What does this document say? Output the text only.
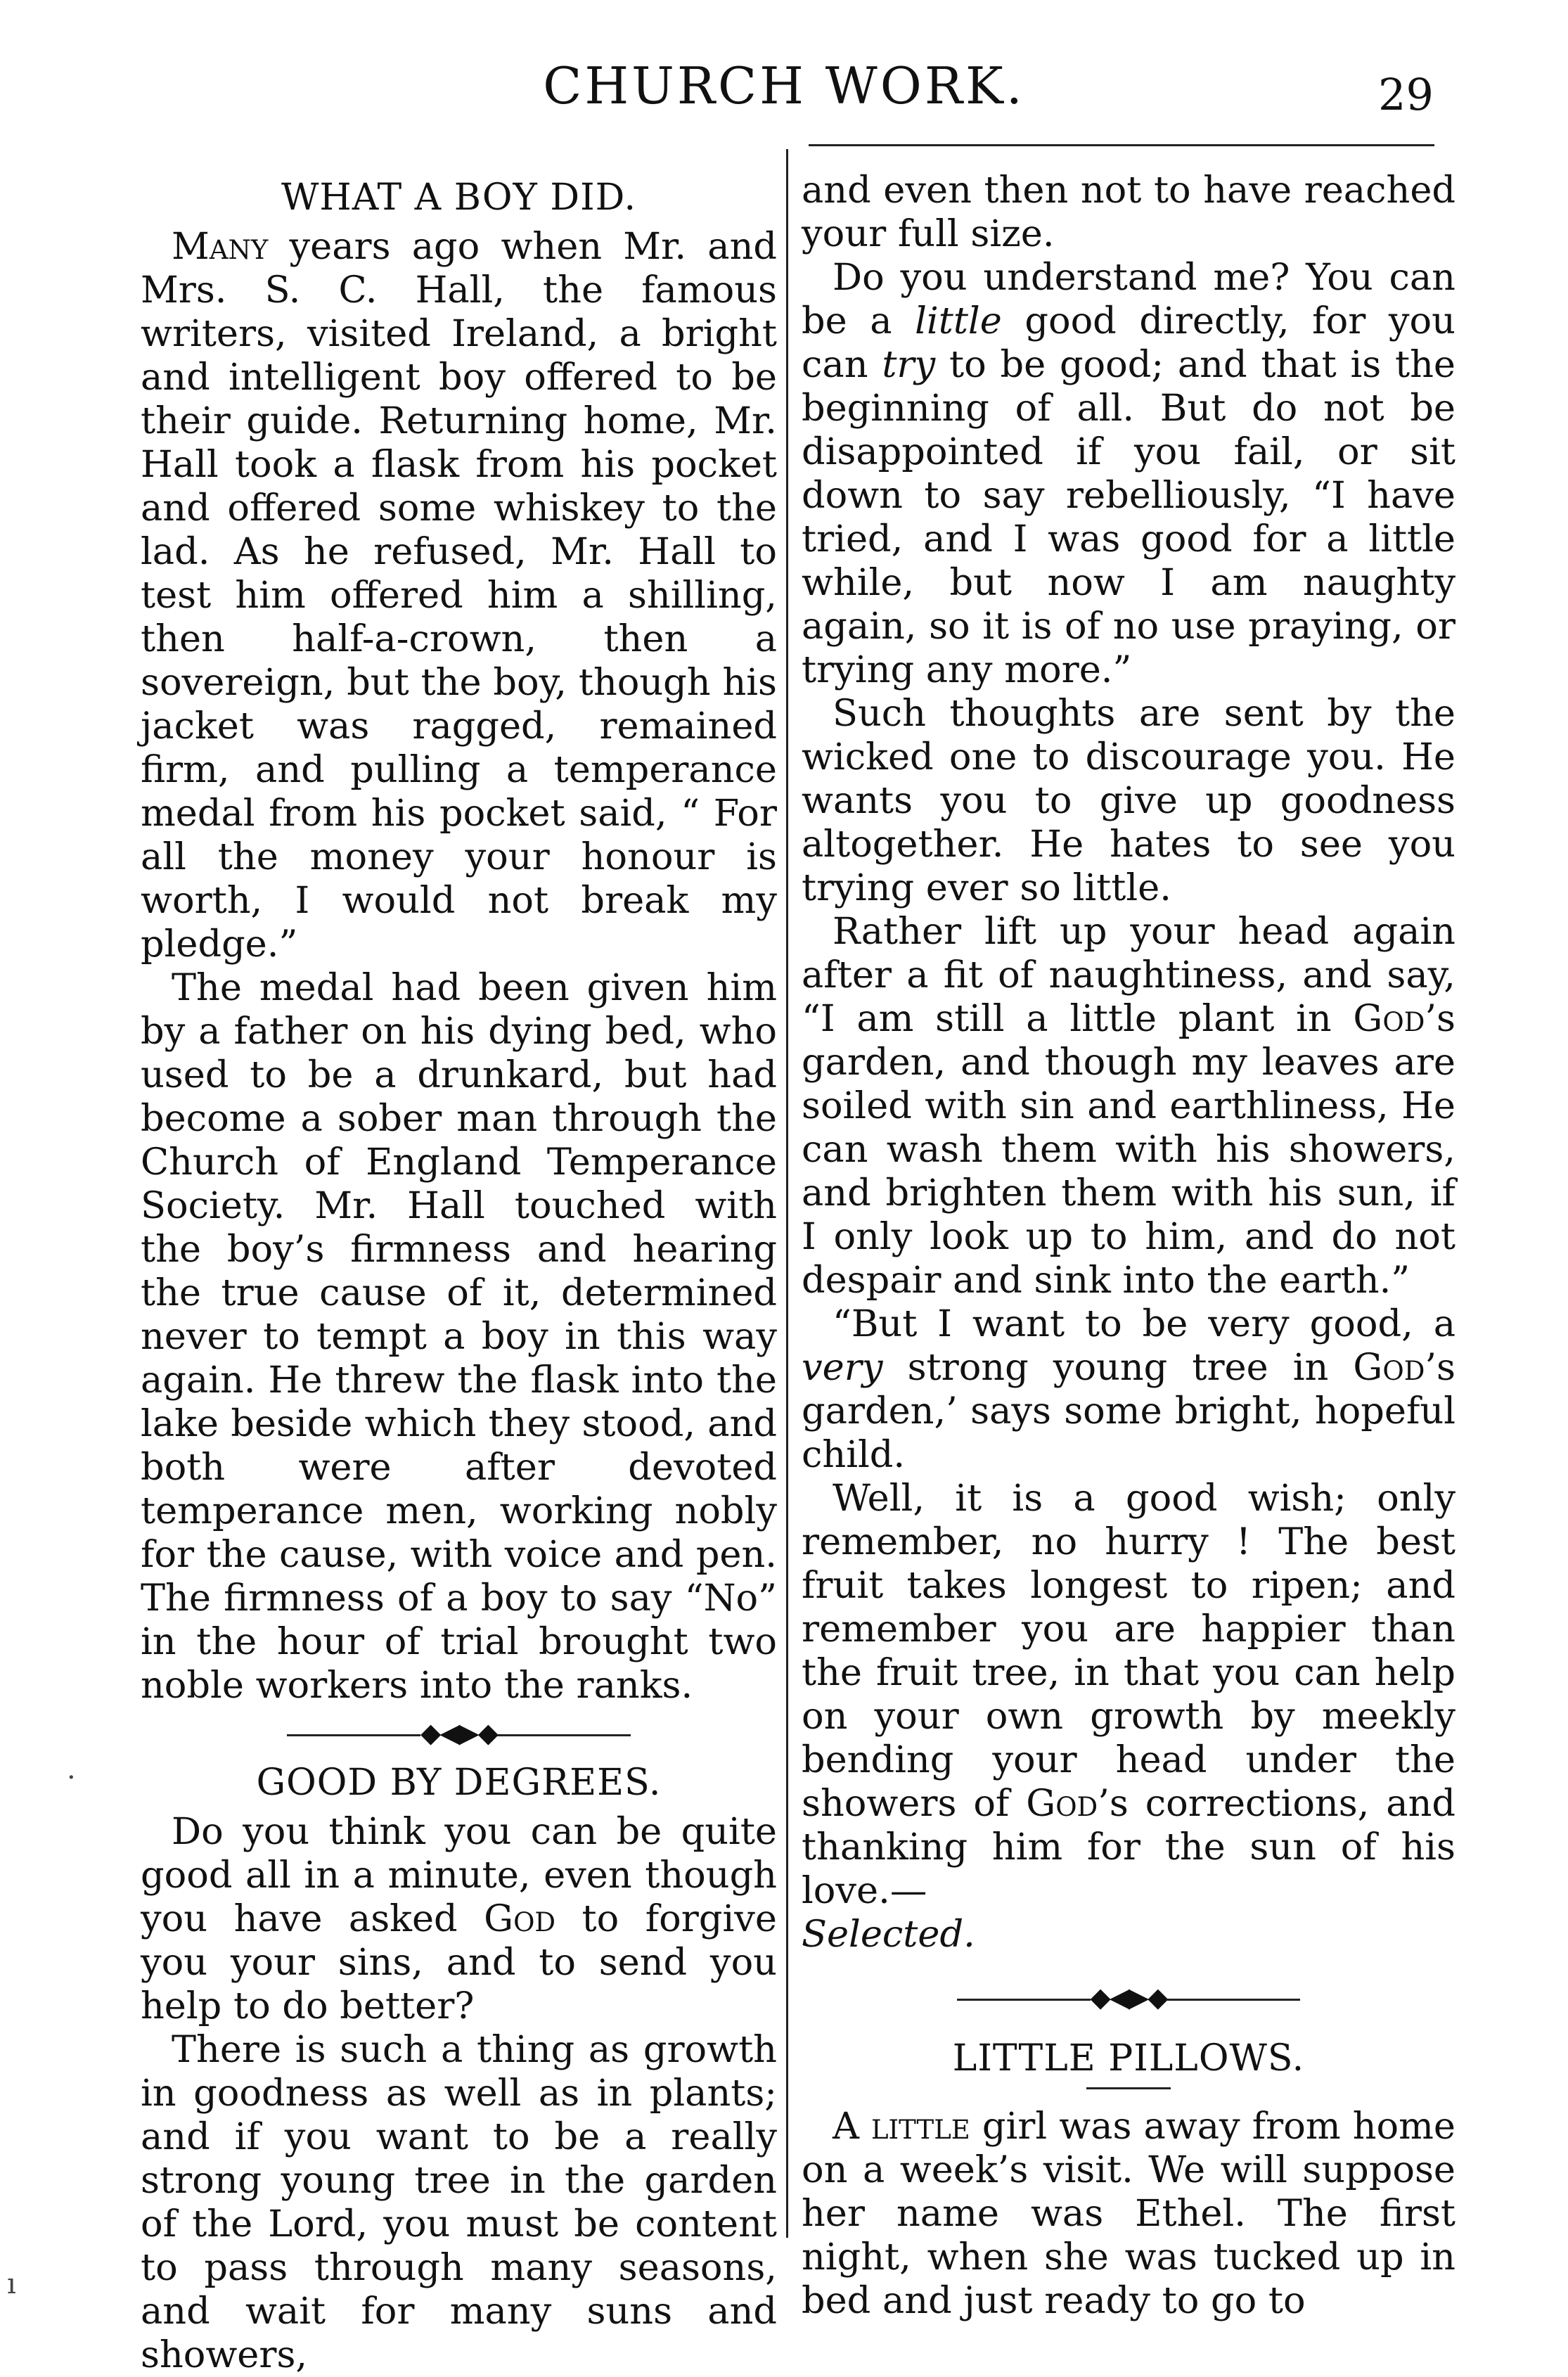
CHURCH WORK.	29
·
ı
WHAT A BOY DID.

Many years ago when Mr. and Mrs. S. C. Hall, the famous writers, visited Ireland, a bright and intelligent boy offered to be their guide. Returning home, Mr. Hall took a flask from his pocket and offered some whiskey to the lad. As he refused, Mr. Hall to test him offered him a shilling, then half-a-crown, then a sovereign, but the boy, though his jacket was ragged, remained firm, and pulling a temperance medal from his pocket said, “ For all the money your honour is worth, I would not break my pledge.”

The medal had been given him by a father on his dying bed, who used to be a drunkard, but had become a sober man through the Church of England Temperance Society. Mr. Hall touched with the boy’s firmness and hearing the true cause of it, determined never to tempt a boy in this way again. He threw the flask into the lake beside which they stood, and both were after devoted temperance men, working nobly for the cause, with voice and pen. The firmness of a boy to say “No” in the hour of trial brought two noble workers into the ranks.

◆◀▶◆
GOOD BY DEGREES.

Do you think you can be quite good all in a minute, even though you have asked God to forgive you your sins, and to send you help to do better?

There is such a thing as growth in goodness as well as in plants; and if you want to be a really strong young tree in the garden of the Lord, you must be content to pass through many seasons, and wait for many suns and showers,

and even then not to have reached your full size.

Do you understand me? You can be a little good directly, for you can try to be good; and that is the beginning of all. But do not be disappointed if you fail, or sit down to say rebelliously, “I have tried, and I was good for a little while, but now I am naughty again, so it is of no use praying, or trying any more.”

Such thoughts are sent by the wicked one to discourage you. He wants you to give up goodness altogether. He hates to see you trying ever so little.

Rather lift up your head again after a fit of naughtiness, and say, “I am still a little plant in God’s garden, and though my leaves are soiled with sin and earthliness, He can wash them with his showers, and brighten them with his sun, if I only look up to him, and do not despair and sink into the earth.”

“But I want to be very good, a very strong young tree in God’s garden,’ says some bright, hopeful child.

Well, it is a good wish; only remember, no hurry ! The best fruit takes longest to ripen; and remember you are happier than the fruit tree, in that you can help on your own growth by meekly bending your head under the showers of God’s corrections, and thanking him for the sun of his love.—
Selected.

◆◀▶◆
LITTLE PILLOWS.

A little girl was away from home on a week’s visit. We will suppose her name was Ethel. The first night, when she was tucked up in bed and just ready to go to
